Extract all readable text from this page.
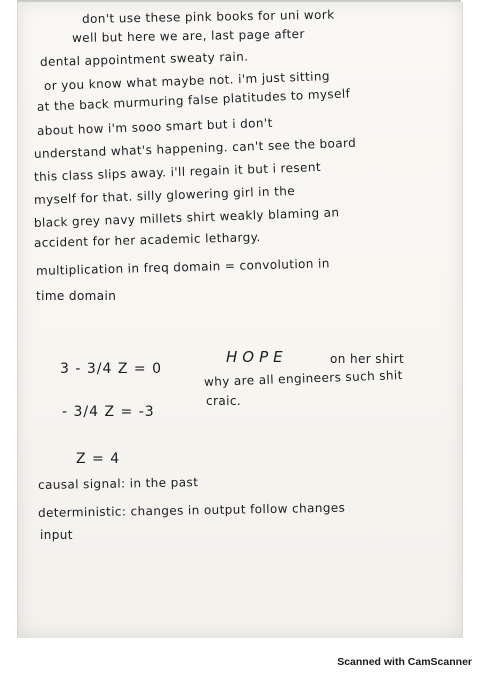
don't use these pink books for uni work
well but here we are, last page after
dental appointment sweaty rain.
or you know what maybe not. i'm just sitting
at the back murmuring false platitudes to myself
about how i'm sooo smart but i don't
understand what's happening. can't see the board
this class slips away. i'll regain it but i resent
myself for that. silly glowering girl in the
black grey navy millets shirt weakly blaming an
accident for her academic lethargy.
multiplication in freq domain = convolution in
time domain
3 - 3/4 Z = 0
- 3/4 Z = -3
Z = 4
HOPE	on her shirt
why are all engineers such shit
craic.
causal signal: in the past
deterministic: changes in output follow changes
input
Scanned with CamScanner
